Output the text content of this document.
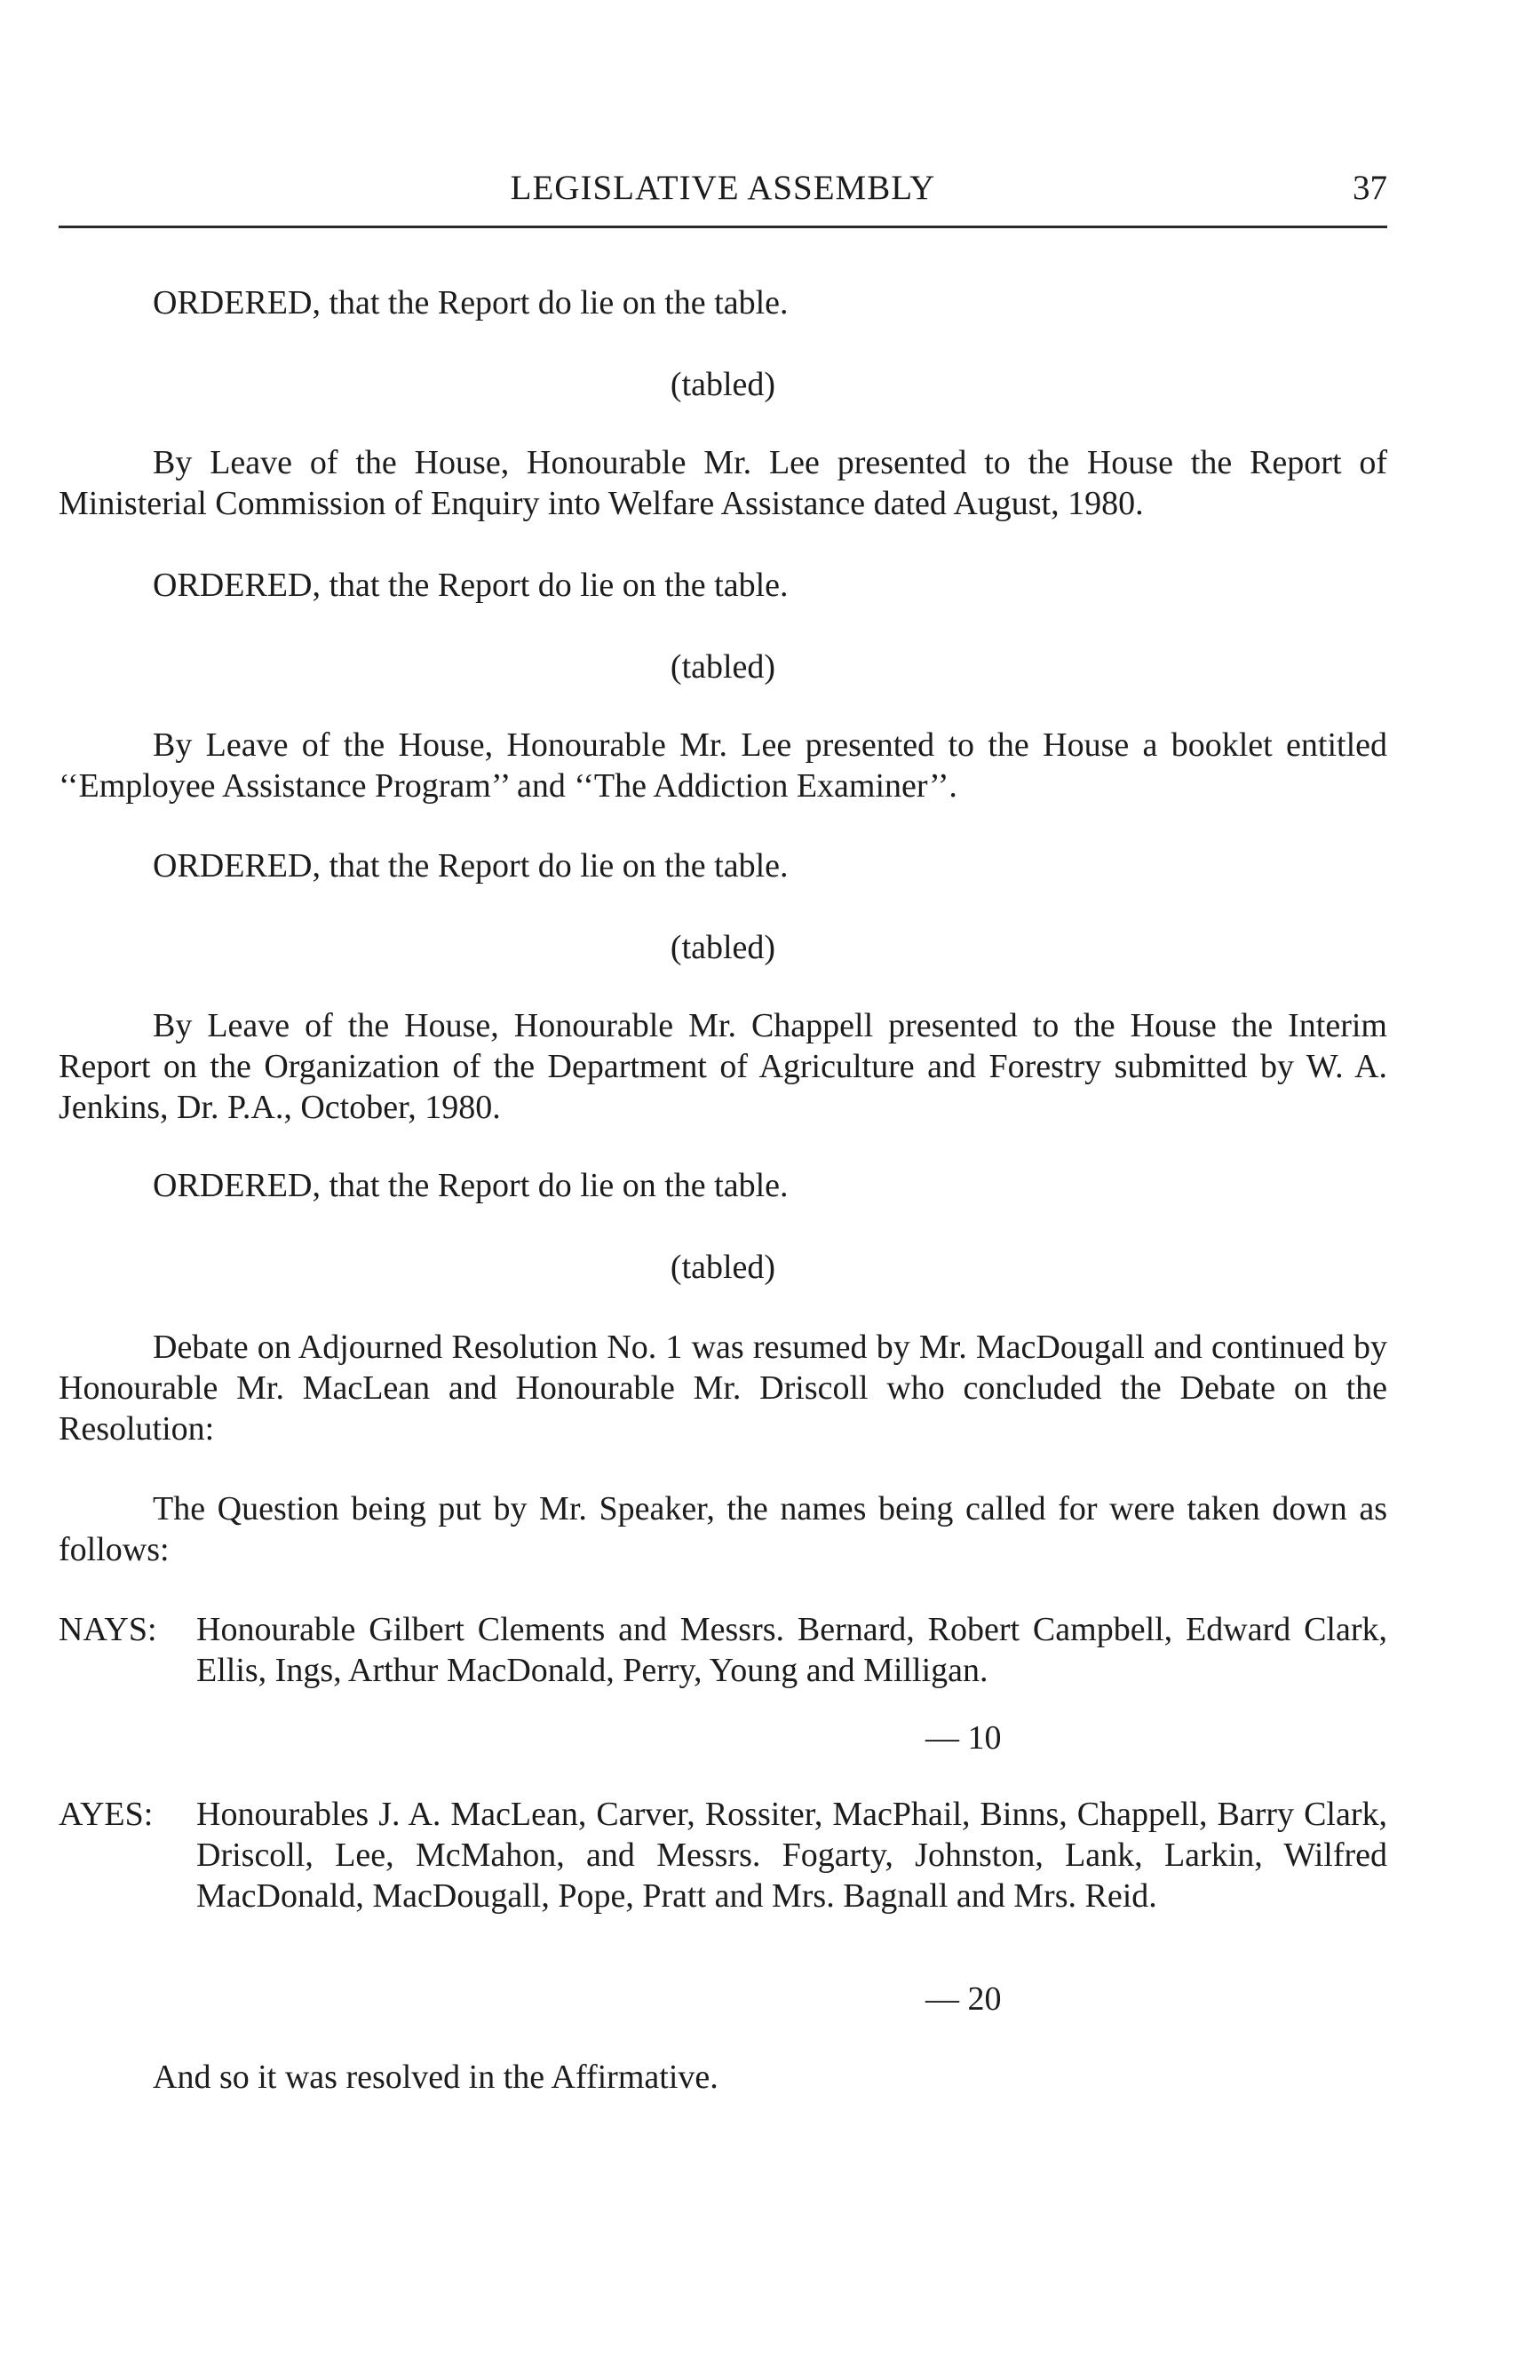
LEGISLATIVE ASSEMBLY	37

ORDERED, that the Report do lie on the table.

(tabled)

By Leave of the House, Honourable Mr. Lee presented to the House the Report of Ministerial Commission of Enquiry into Welfare Assistance dated August, 1980.

ORDERED, that the Report do lie on the table.

(tabled)

By Leave of the House, Honourable Mr. Lee presented to the House a booklet entitled ‘‘Employee Assistance Program’’ and ‘‘The Addiction Examiner’’.

ORDERED, that the Report do lie on the table.

(tabled)

By Leave of the House, Honourable Mr. Chappell presented to the House the Interim Report on the Organization of the Department of Agriculture and Forestry submitted by W. A. Jenkins, Dr. P.A., October, 1980.

ORDERED, that the Report do lie on the table.

(tabled)

Debate on Adjourned Resolution No. 1 was resumed by Mr. MacDougall and continued by Honourable Mr. MacLean and Honourable Mr. Driscoll who concluded the Debate on the Resolution:

The Question being put by Mr. Speaker, the names being called for were taken down as follows:

NAYS: Honourable Gilbert Clements and Messrs. Bernard, Robert Campbell, Edward Clark, Ellis, Ings, Arthur MacDonald, Perry, Young and Milligan.
— 10
AYES: Honourables J. A. MacLean, Carver, Rossiter, MacPhail, Binns, Chappell, Barry Clark, Driscoll, Lee, McMahon, and Messrs. Fogarty, Johnston, Lank, Larkin, Wilfred MacDonald, MacDougall, Pope, Pratt and Mrs. Bagnall and Mrs. Reid.
— 20

And so it was resolved in the Affirmative.
